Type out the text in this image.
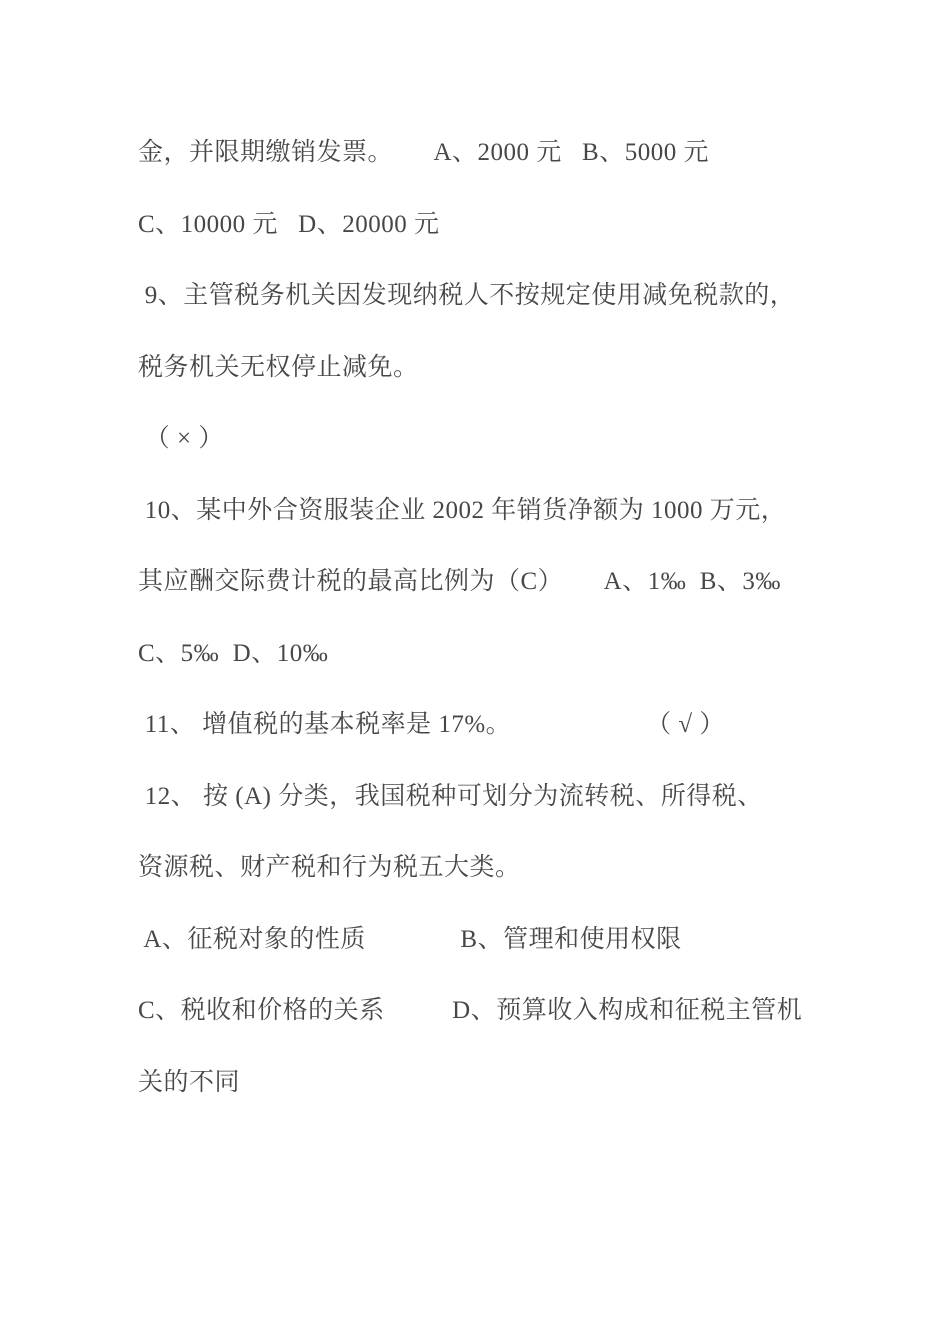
金，并限期缴销发票。      A、2000 元   B、5000 元

C、10000 元   D、20000 元

9、主管税务机关因发现纳税人不按规定使用减免税款的，

税务机关无权停止减免。

（ × ）

10、某中外合资服装企业 2002 年销货净额为 1000 万元，

其应酬交际费计税的最高比例为（C）      A、1‰  B、3‰

C、5‰  D、10‰

11、 增值税的基本税率是 17%。                    （ √ ）

12、 按 (A) 分类，我国税种可划分为流转税、所得税、

资源税、财产税和行为税五大类。

A、征税对象的性质              B、管理和使用权限

C、税收和价格的关系          D、预算收入构成和征税主管机

关的不同
